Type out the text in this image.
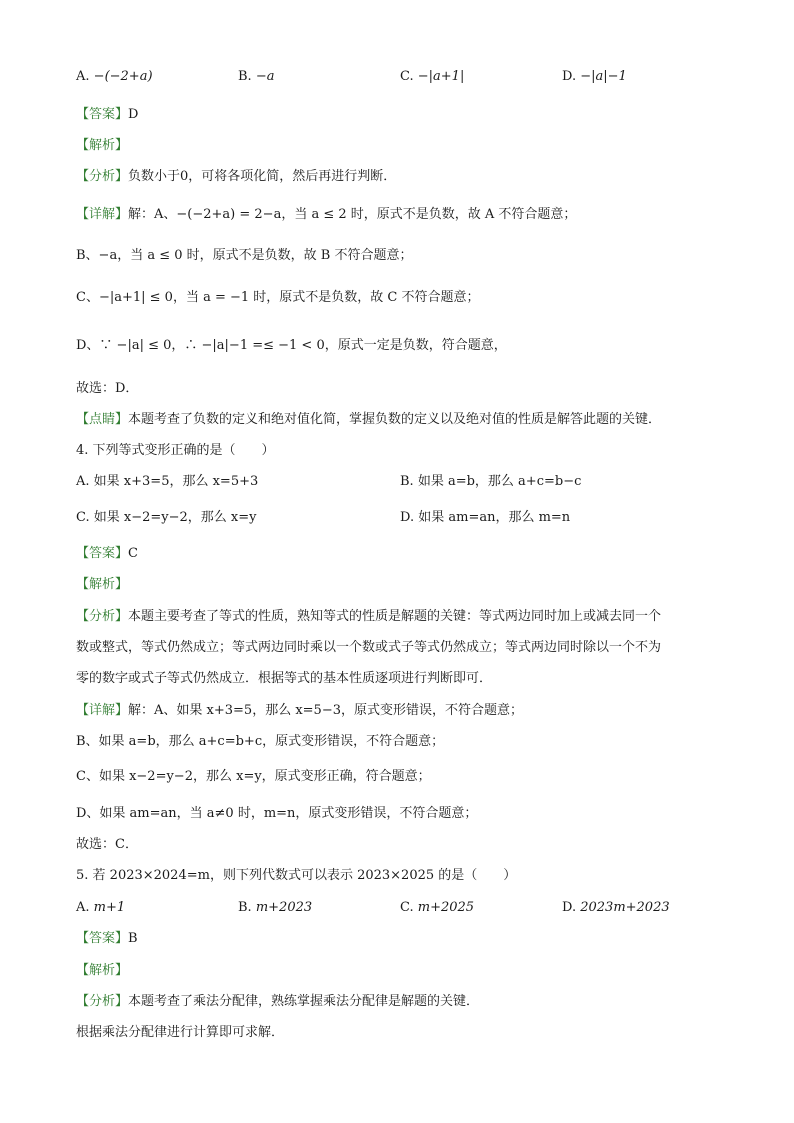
A. −(−2+a)	B. −a	C. −|a+1|	D. −|a|−1
【答案】D
【解析】
【分析】负数小于0，可将各项化简，然后再进行判断．
【详解】解：A、−(−2+a) = 2−a，当 a ≤ 2 时，原式不是负数，故 A 不符合题意；
B、−a，当 a ≤ 0 时，原式不是负数，故 B 不符合题意；
C、−|a+1| ≤ 0，当 a = −1 时，原式不是负数，故 C 不符合题意；
D、∵ −|a| ≤ 0，∴ −|a|−1 =≤ −1 < 0，原式一定是负数，符合题意，
故选：D．
【点睛】本题考查了负数的定义和绝对值化简，掌握负数的定义以及绝对值的性质是解答此题的关键．
4. 下列等式变形正确的是（　　）
A. 如果 x+3=5，那么 x=5+3	B. 如果 a=b，那么 a+c=b−c
C. 如果 x−2=y−2，那么 x=y	D. 如果 am=an，那么 m=n
【答案】C
【解析】
【分析】本题主要考查了等式的性质，熟知等式的性质是解题的关键：等式两边同时加上或减去同一个
数或整式，等式仍然成立；等式两边同时乘以一个数或式子等式仍然成立；等式两边同时除以一个不为
零的数字或式子等式仍然成立．根据等式的基本性质逐项进行判断即可．
【详解】解：A、如果 x+3=5，那么 x=5−3，原式变形错误，不符合题意；
B、如果 a=b，那么 a+c=b+c，原式变形错误，不符合题意；
C、如果 x−2=y−2，那么 x=y，原式变形正确，符合题意；
D、如果 am=an，当 a≠0 时，m=n，原式变形错误，不符合题意；
故选：C．
5. 若 2023×2024=m，则下列代数式可以表示 2023×2025 的是（　　）
A. m+1	B. m+2023	C. m+2025	D. 2023m+2023
【答案】B
【解析】
【分析】本题考查了乘法分配律，熟练掌握乘法分配律是解题的关键．
根据乘法分配律进行计算即可求解．
